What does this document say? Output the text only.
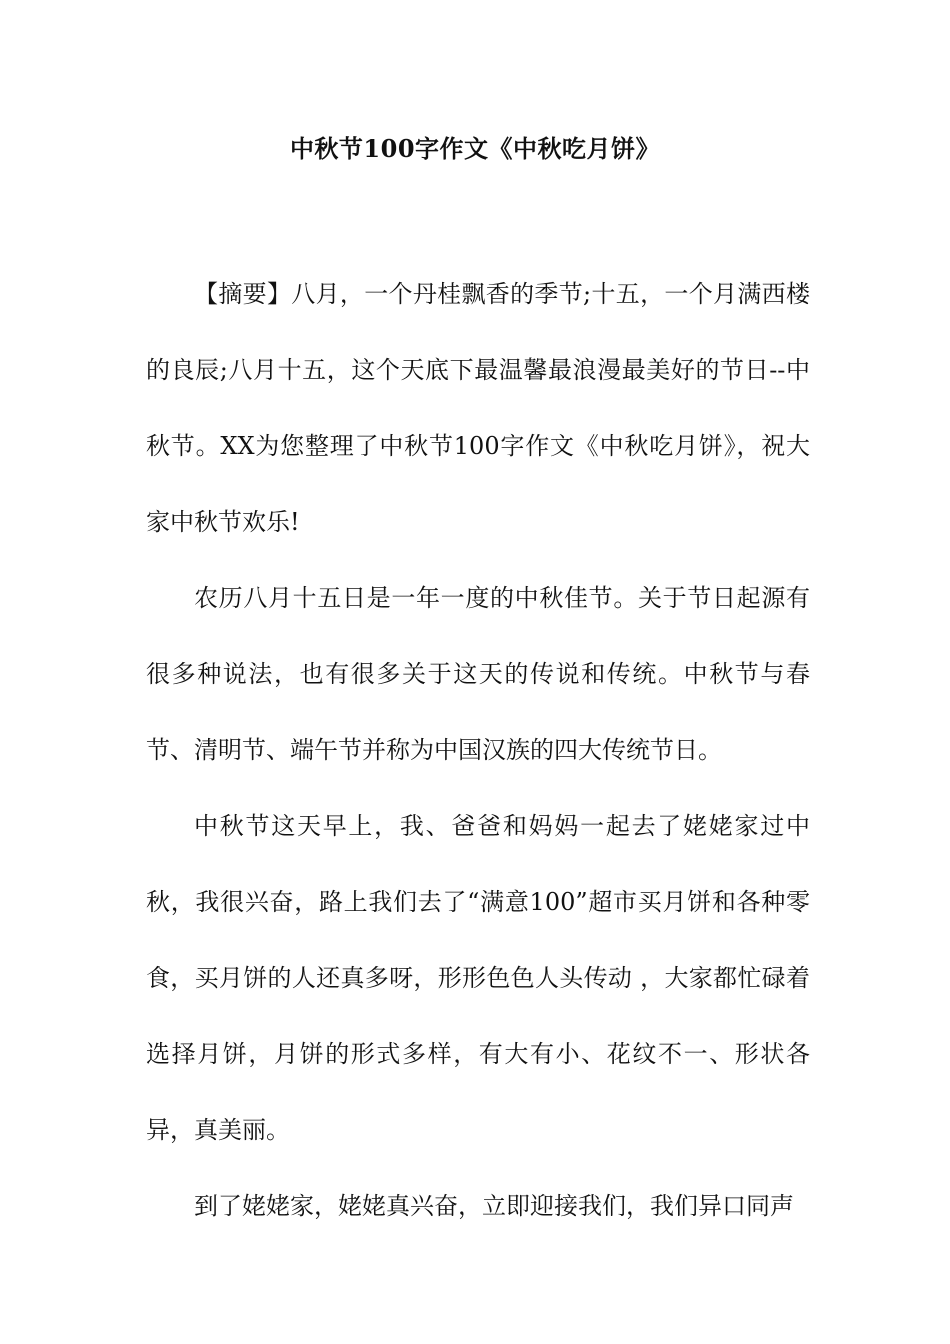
中秋节100字作文《中秋吃月饼》

【摘要】八月，一个丹桂飘香的季节;十五，一个月满西楼的良辰;八月十五，这个天底下最温馨最浪漫最美好的节日--中秋节。XX为您整理了中秋节100字作文《中秋吃月饼》，祝大家中秋节欢乐!

农历八月十五日是一年一度的中秋佳节。关于节日起源有很多种说法，也有很多关于这天的传说和传统。中秋节与春节、清明节、端午节并称为中国汉族的四大传统节日。

中秋节这天早上，我、爸爸和妈妈一起去了姥姥家过中秋，我很兴奋，路上我们去了“满意100”超市买月饼和各种零食，买月饼的人还真多呀，形形色色人头传动 ，大家都忙碌着选择月饼，月饼的形式多样，有大有小、花纹不一、形状各异，真美丽。

到了姥姥家，姥姥真兴奋，立即迎接我们，我们异口同声
